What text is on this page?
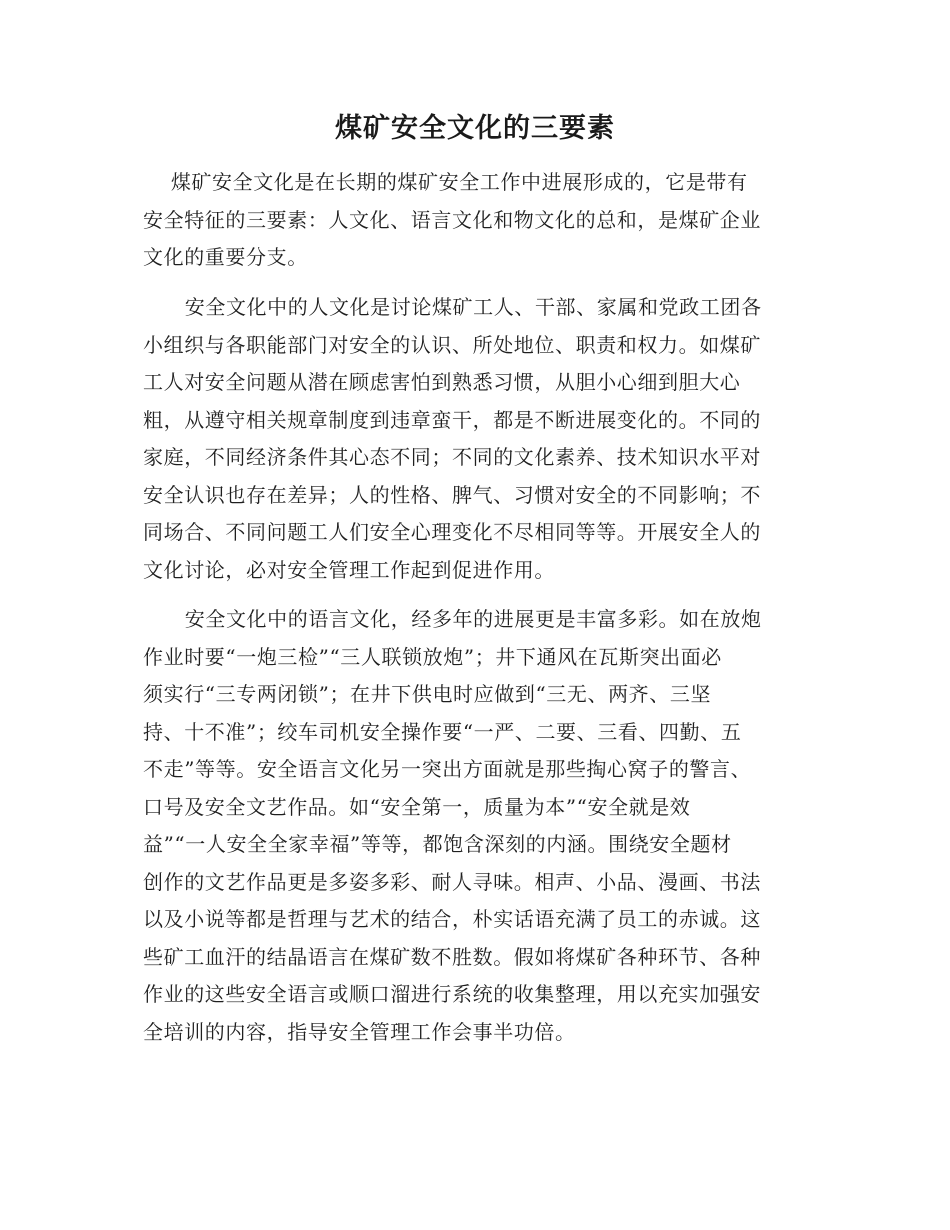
煤矿安全文化的三要素
煤矿安全文化是在长期的煤矿安全工作中进展形成的，它是带有
安全特征的三要素：人文化、语言文化和物文化的总和，是煤矿企业
文化的重要分支。
安全文化中的人文化是讨论煤矿工人、干部、家属和党政工团各
小组织与各职能部门对安全的认识、所处地位、职责和权力。如煤矿
工人对安全问题从潜在顾虑害怕到熟悉习惯，从胆小心细到胆大心
粗，从遵守相关规章制度到违章蛮干，都是不断进展变化的。不同的
家庭，不同经济条件其心态不同；不同的文化素养、技术知识水平对
安全认识也存在差异；人的性格、脾气、习惯对安全的不同影响；不
同场合、不同问题工人们安全心理变化不尽相同等等。开展安全人的
文化讨论，必对安全管理工作起到促进作用。
安全文化中的语言文化，经多年的进展更是丰富多彩。如在放炮
作业时要“一炮三检”“三人联锁放炮”；井下通风在瓦斯突出面必
须实行“三专两闭锁”；在井下供电时应做到“三无、两齐、三坚
持、十不准”；绞车司机安全操作要“一严、二要、三看、四勤、五
不走”等等。安全语言文化另一突出方面就是那些掏心窝子的警言、
口号及安全文艺作品。如“安全第一，质量为本”“安全就是效
益”“一人安全全家幸福”等等，都饱含深刻的内涵。围绕安全题材
创作的文艺作品更是多姿多彩、耐人寻味。相声、小品、漫画、书法
以及小说等都是哲理与艺术的结合，朴实话语充满了员工的赤诚。这
些矿工血汗的结晶语言在煤矿数不胜数。假如将煤矿各种环节、各种
作业的这些安全语言或顺口溜进行系统的收集整理，用以充实加强安
全培训的内容，指导安全管理工作会事半功倍。
